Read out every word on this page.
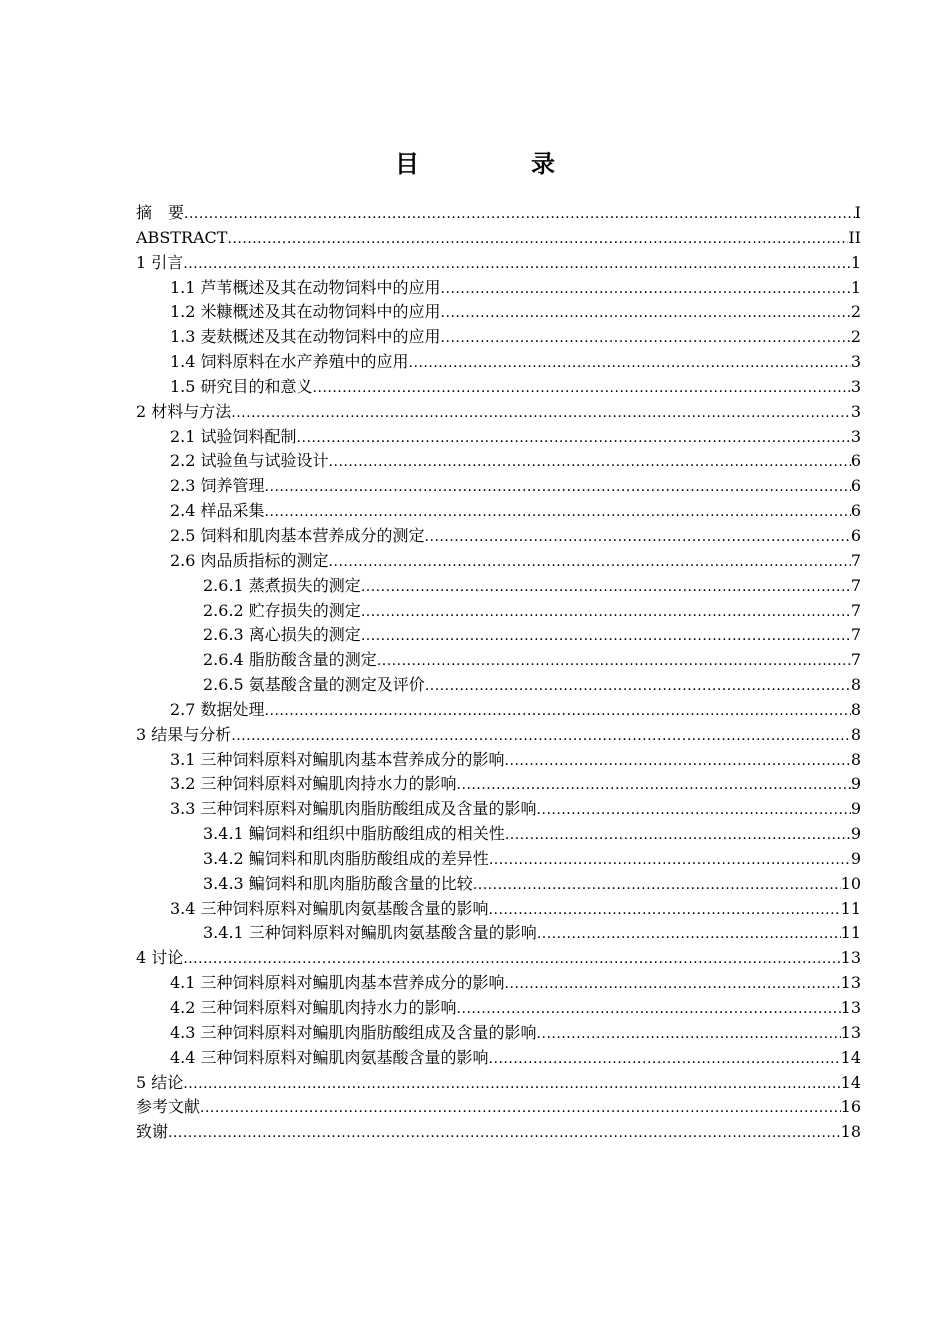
目　录
摘　要 .....	I
ABSTRACT .....	II
1 引言 .....	1
1.1 芦苇概述及其在动物饲料中的应用 .....	1
1.2 米糠概述及其在动物饲料中的应用 .....	2
1.3 麦麸概述及其在动物饲料中的应用 .....	2
1.4 饲料原料在水产养殖中的应用 .....	3
1.5 研究目的和意义 .....	3
2 材料与方法 .....	3
2.1 试验饲料配制 .....	3
2.2 试验鱼与试验设计 .....	6
2.3 饲养管理 .....	6
2.4 样品采集 .....	6
2.5 饲料和肌肉基本营养成分的测定 .....	6
2.6 肉品质指标的测定 .....	7
2.6.1 蒸煮损失的测定 .....	7
2.6.2 贮存损失的测定 .....	7
2.6.3 离心损失的测定 .....	7
2.6.4 脂肪酸含量的测定 .....	7
2.6.5 氨基酸含量的测定及评价 .....	8
2.7 数据处理 .....	8
3 结果与分析 .....	8
3.1 三种饲料原料对鳊肌肉基本营养成分的影响 .....	8
3.2 三种饲料原料对鳊肌肉持水力的影响 .....	9
3.3 三种饲料原料对鳊肌肉脂肪酸组成及含量的影响 .....	9
3.4.1 鳊饲料和组织中脂肪酸组成的相关性 .....	9
3.4.2 鳊饲料和肌肉脂肪酸组成的差异性 .....	9
3.4.3 鳊饲料和肌肉脂肪酸含量的比较 .....	10
3.4 三种饲料原料对鳊肌肉氨基酸含量的影响 .....	11
3.4.1 三种饲料原料对鳊肌肉氨基酸含量的影响 .....	11
4 讨论 .....	13
4.1 三种饲料原料对鳊肌肉基本营养成分的影响 .....	13
4.2 三种饲料原料对鳊肌肉持水力的影响 .....	13
4.3 三种饲料原料对鳊肌肉脂肪酸组成及含量的影响 .....	13
4.4 三种饲料原料对鳊肌肉氨基酸含量的影响 .....	14
5 结论 .....	14
参考文献 .....	16
致谢 .....	18
